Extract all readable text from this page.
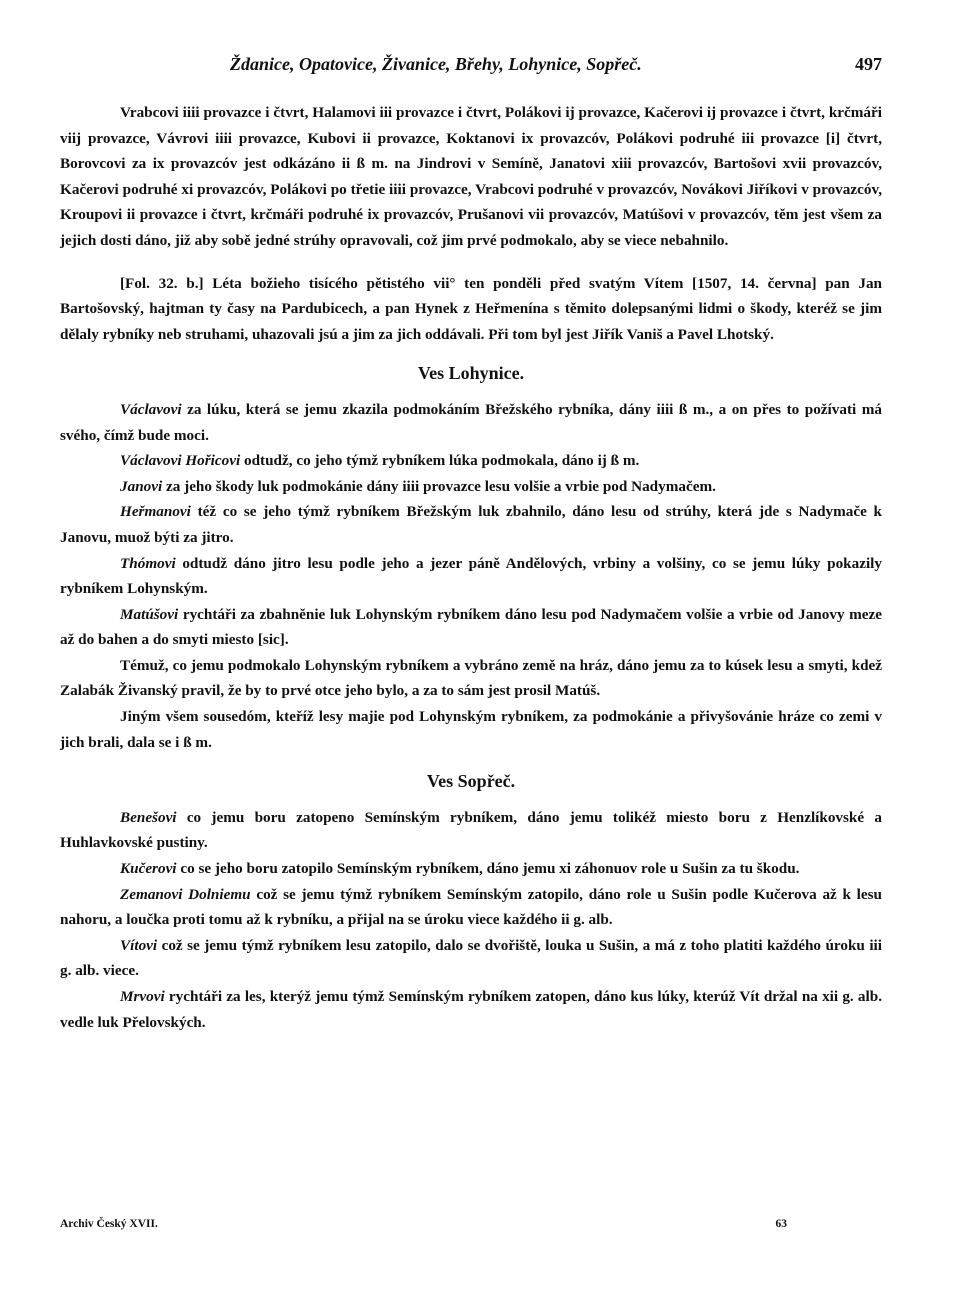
Ždanice, Opatovice, Živanice, Břehy, Lohynice, Sopřeč.	497

Vrabcovi iiii provazce i čtvrt, Halamovi iii provazce i čtvrt, Polákovi ij provazce, Kačerovi ij provazce i čtvrt, krčmáři viij provazce, Vávrovi iiii provazce, Kubovi ii provazce, Koktanovi ix provazcóv, Polákovi podruhé iii provazce [i] čtvrt, Borovcovi za ix provazcóv jest odkázáno ii ß m. na Jindrovi v Semíně, Janatovi xiii provazcóv, Bartošovi xvii provazcóv, Kačerovi podruhé xi provazcóv, Polákovi po třetie iiii provazce, Vrabcovi podruhé v provazcóv, Novákovi Jiříkovi v provazcóv, Kroupovi ii provazce i čtvrt, krčmáři podruhé ix provazcóv, Prušanovi vii provazcóv, Matúšovi v provazcóv, těm jest všem za jejich dosti dáno, již aby sobě jedné strúhy opravovali, což jim prvé podmokalo, aby se viece nebahnilo.

[Fol. 32. b.] Léta božieho tisícého pětistého vii° ten ponděli před svatým Vítem [1507, 14. června] pan Jan Bartošovský, hajtman ty časy na Pardubicech, a pan Hynek z Heřmenína s těmito dolepsanými lidmi o škody, kteréž se jim dělaly rybníky neb struhami, uhazovali jsú a jim za jich oddávali. Při tom byl jest Jiřík Vaniš a Pavel Lhotský.

Ves Lohynice.

Václavovi za lúku, která se jemu zkazila podmokáním Břežského rybníka, dány iiii ß m., a on přes to požívati má svého, čímž bude moci.

Václavovi Hořicovi odtudž, co jeho týmž rybníkem lúka podmokala, dáno ij ß m.

Janovi za jeho škody luk podmokánie dány iiii provazce lesu volšie a vrbie pod Nadymačem.

Heřmanovi též co se jeho týmž rybníkem Břežským luk zbahnilo, dáno lesu od strúhy, která jde s Nadymače k Janovu, muož býti za jitro.

Thómovi odtudž dáno jitro lesu podle jeho a jezer páně Andělových, vrbiny a volšiny, co se jemu lúky pokazily rybníkem Lohynským.

Matúšovi rychtáři za zbahněnie luk Lohynským rybníkem dáno lesu pod Nadymačem volšie a vrbie od Janovy meze až do bahen a do smyti miesto [sic].

Témuž, co jemu podmokalo Lohynským rybníkem a vybráno země na hráz, dáno jemu za to kúsek lesu a smyti, kdež Zalabák Živanský pravil, že by to prvé otce jeho bylo, a za to sám jest prosil Matúš.

Jiným všem sousedóm, kteříž lesy majie pod Lohynským rybníkem, za podmokánie a přivyšovánie hráze co zemi v jich brali, dala se i ß m.

Ves Sopřeč.

Benešovi co jemu boru zatopeno Semínským rybníkem, dáno jemu tolikéž miesto boru z Henzlíkovské a Huhlavkovské pustiny.

Kučerovi co se jeho boru zatopilo Semínským rybníkem, dáno jemu xi záhonuov role u Sušin za tu škodu.

Zemanovi Dolniemu což se jemu týmž rybníkem Semínským zatopilo, dáno role u Sušin podle Kučerova až k lesu nahoru, a loučka proti tomu až k rybníku, a přijal na se úroku viece každého ii g. alb.

Vítovi což se jemu týmž rybníkem lesu zatopilo, dalo se dvořiště, louka u Sušin, a má z toho platiti každého úroku iii g. alb. viece.

Mrvovi rychtáři za les, kterýž jemu týmž Semínským rybníkem zatopen, dáno kus lúky, kterúž Vít držal na xii g. alb. vedle luk Přelovských.

Archiv Český XVII.	63
